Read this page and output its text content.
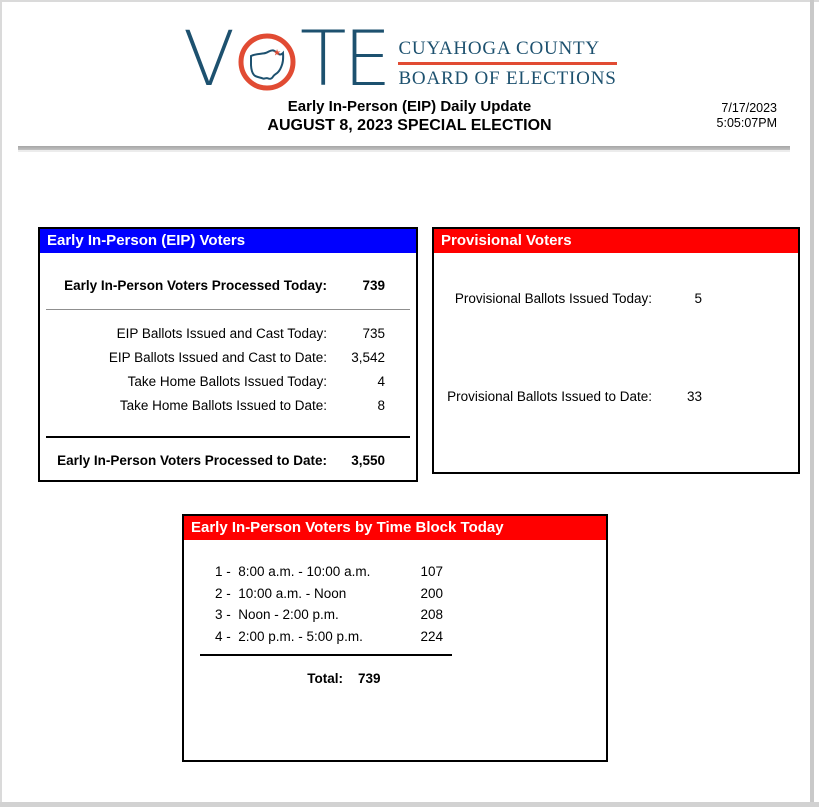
V	★ TE CUYAHOGA COUNTY
BOARD OF ELECTIONS
Early In-Person (EIP) Daily Update
AUGUST 8, 2023 SPECIAL ELECTION
7/17/2023
5:05:07PM
Early In-Person (EIP) Voters
Early In-Person Voters Processed Today:	739
EIP Ballots Issued and Cast Today:	735
EIP Ballots Issued and Cast to Date:	3,542
Take Home Ballots Issued Today:	4
Take Home Ballots Issued to Date:	8
Early In-Person Voters Processed to Date:	3,550
Provisional Voters
Provisional Ballots Issued Today:	5
Provisional Ballots Issued to Date:	33
Early In-Person Voters by Time Block Today
1 -  8:00 a.m. - 10:00 a.m.	107
2 -  10:00 a.m. - Noon	200
3 -  Noon - 2:00 p.m.	208
4 -  2:00 p.m. - 5:00 p.m.	224
Total: 739
